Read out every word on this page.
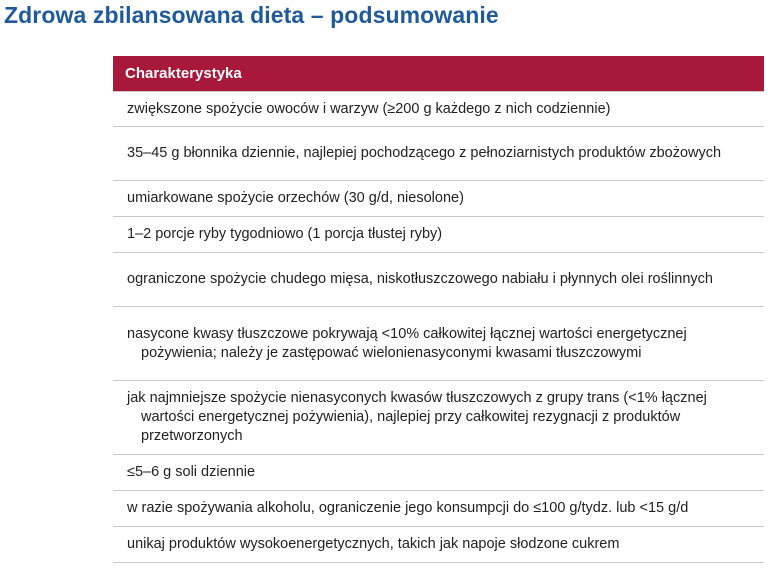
Zdrowa zbilansowana dieta – podsumowanie
Charakterystyka
zwiększone spożycie owoców i warzyw (≥200 g każdego z nich codziennie)
35–45 g błonnika dziennie, najlepiej pochodzącego z pełnoziarnistych produktów zbożowych
umiarkowane spożycie orzechów (30 g/d, niesolone)
1–2 porcje ryby tygodniowo (1 porcja tłustej ryby)
ograniczone spożycie chudego mięsa, niskotłuszczowego nabiału i płynnych olei roślinnych
nasycone kwasy tłuszczowe pokrywają <10% całkowitej łącznej wartości energetycznej pożywienia; należy je zastępować wielonienasyconymi kwasami tłuszczowymi
jak najmniejsze spożycie nienasyconych kwasów tłuszczowych z grupy trans (<1% łącznej wartości energetycznej pożywienia), najlepiej przy całkowitej rezygnacji z produktów przetworzonych
≤5–6 g soli dziennie
w razie spożywania alkoholu, ograniczenie jego konsumpcji do ≤100 g/tydz. lub <15 g/d
unikaj produktów wysokoenergetycznych, takich jak napoje słodzone cukrem
